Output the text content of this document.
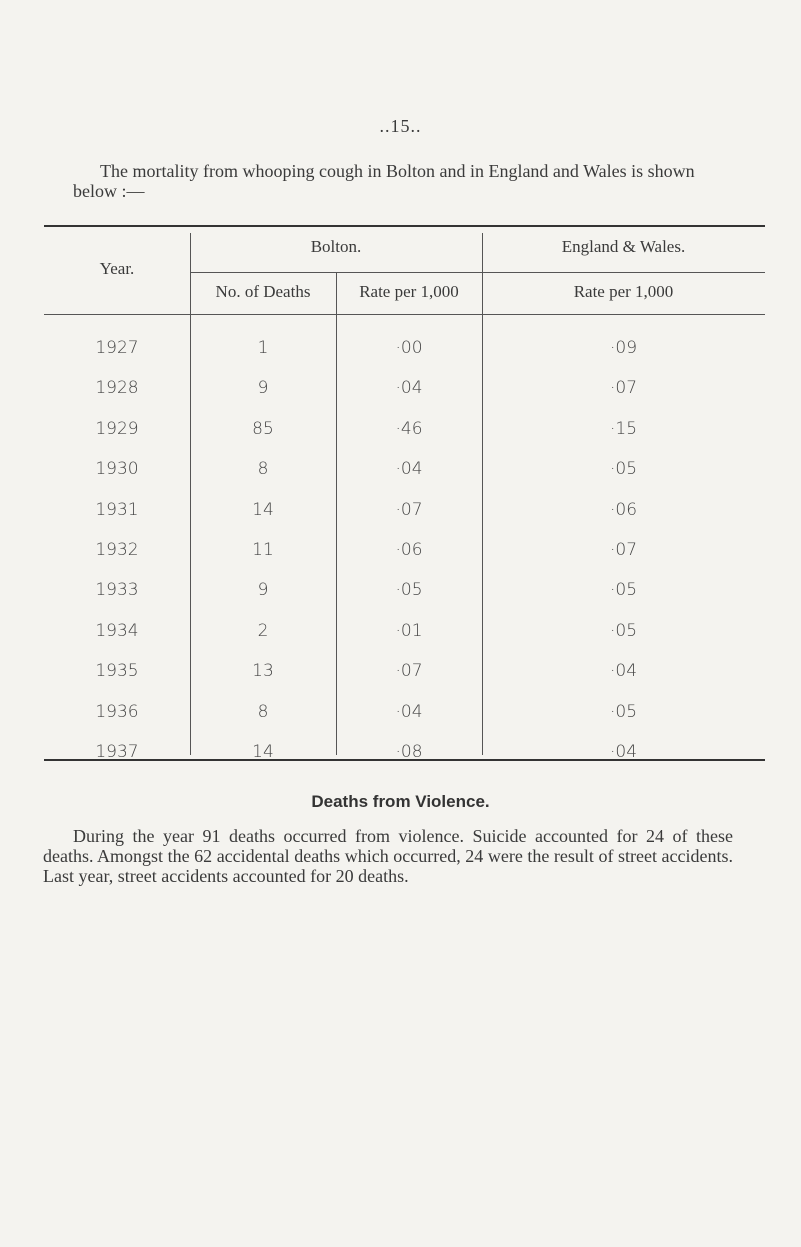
..15..
The mortality from whooping cough in Bolton and in England and Wales is shown below :—
Year.
Bolton.	England & Wales.
No. of Deaths	Rate per 1,000	Rate per 1,000
1927	1	·00	·09
1928	9	·04	·07
1929	85	·46	·15
1930	8	·04	·05
1931	14	·07	·06
1932	11	·06	·07
1933	9	·05	·05
1934	2	·01	·05
1935	13	·07	·04
1936	8	·04	·05
1937	14	·08	·04
Deaths from Violence.
During the year 91 deaths occurred from violence. Suicide accounted for 24 of these deaths. Amongst the 62 accidental deaths which occurred, 24 were the result of street accidents. Last year, street accidents accounted for 20 deaths.
